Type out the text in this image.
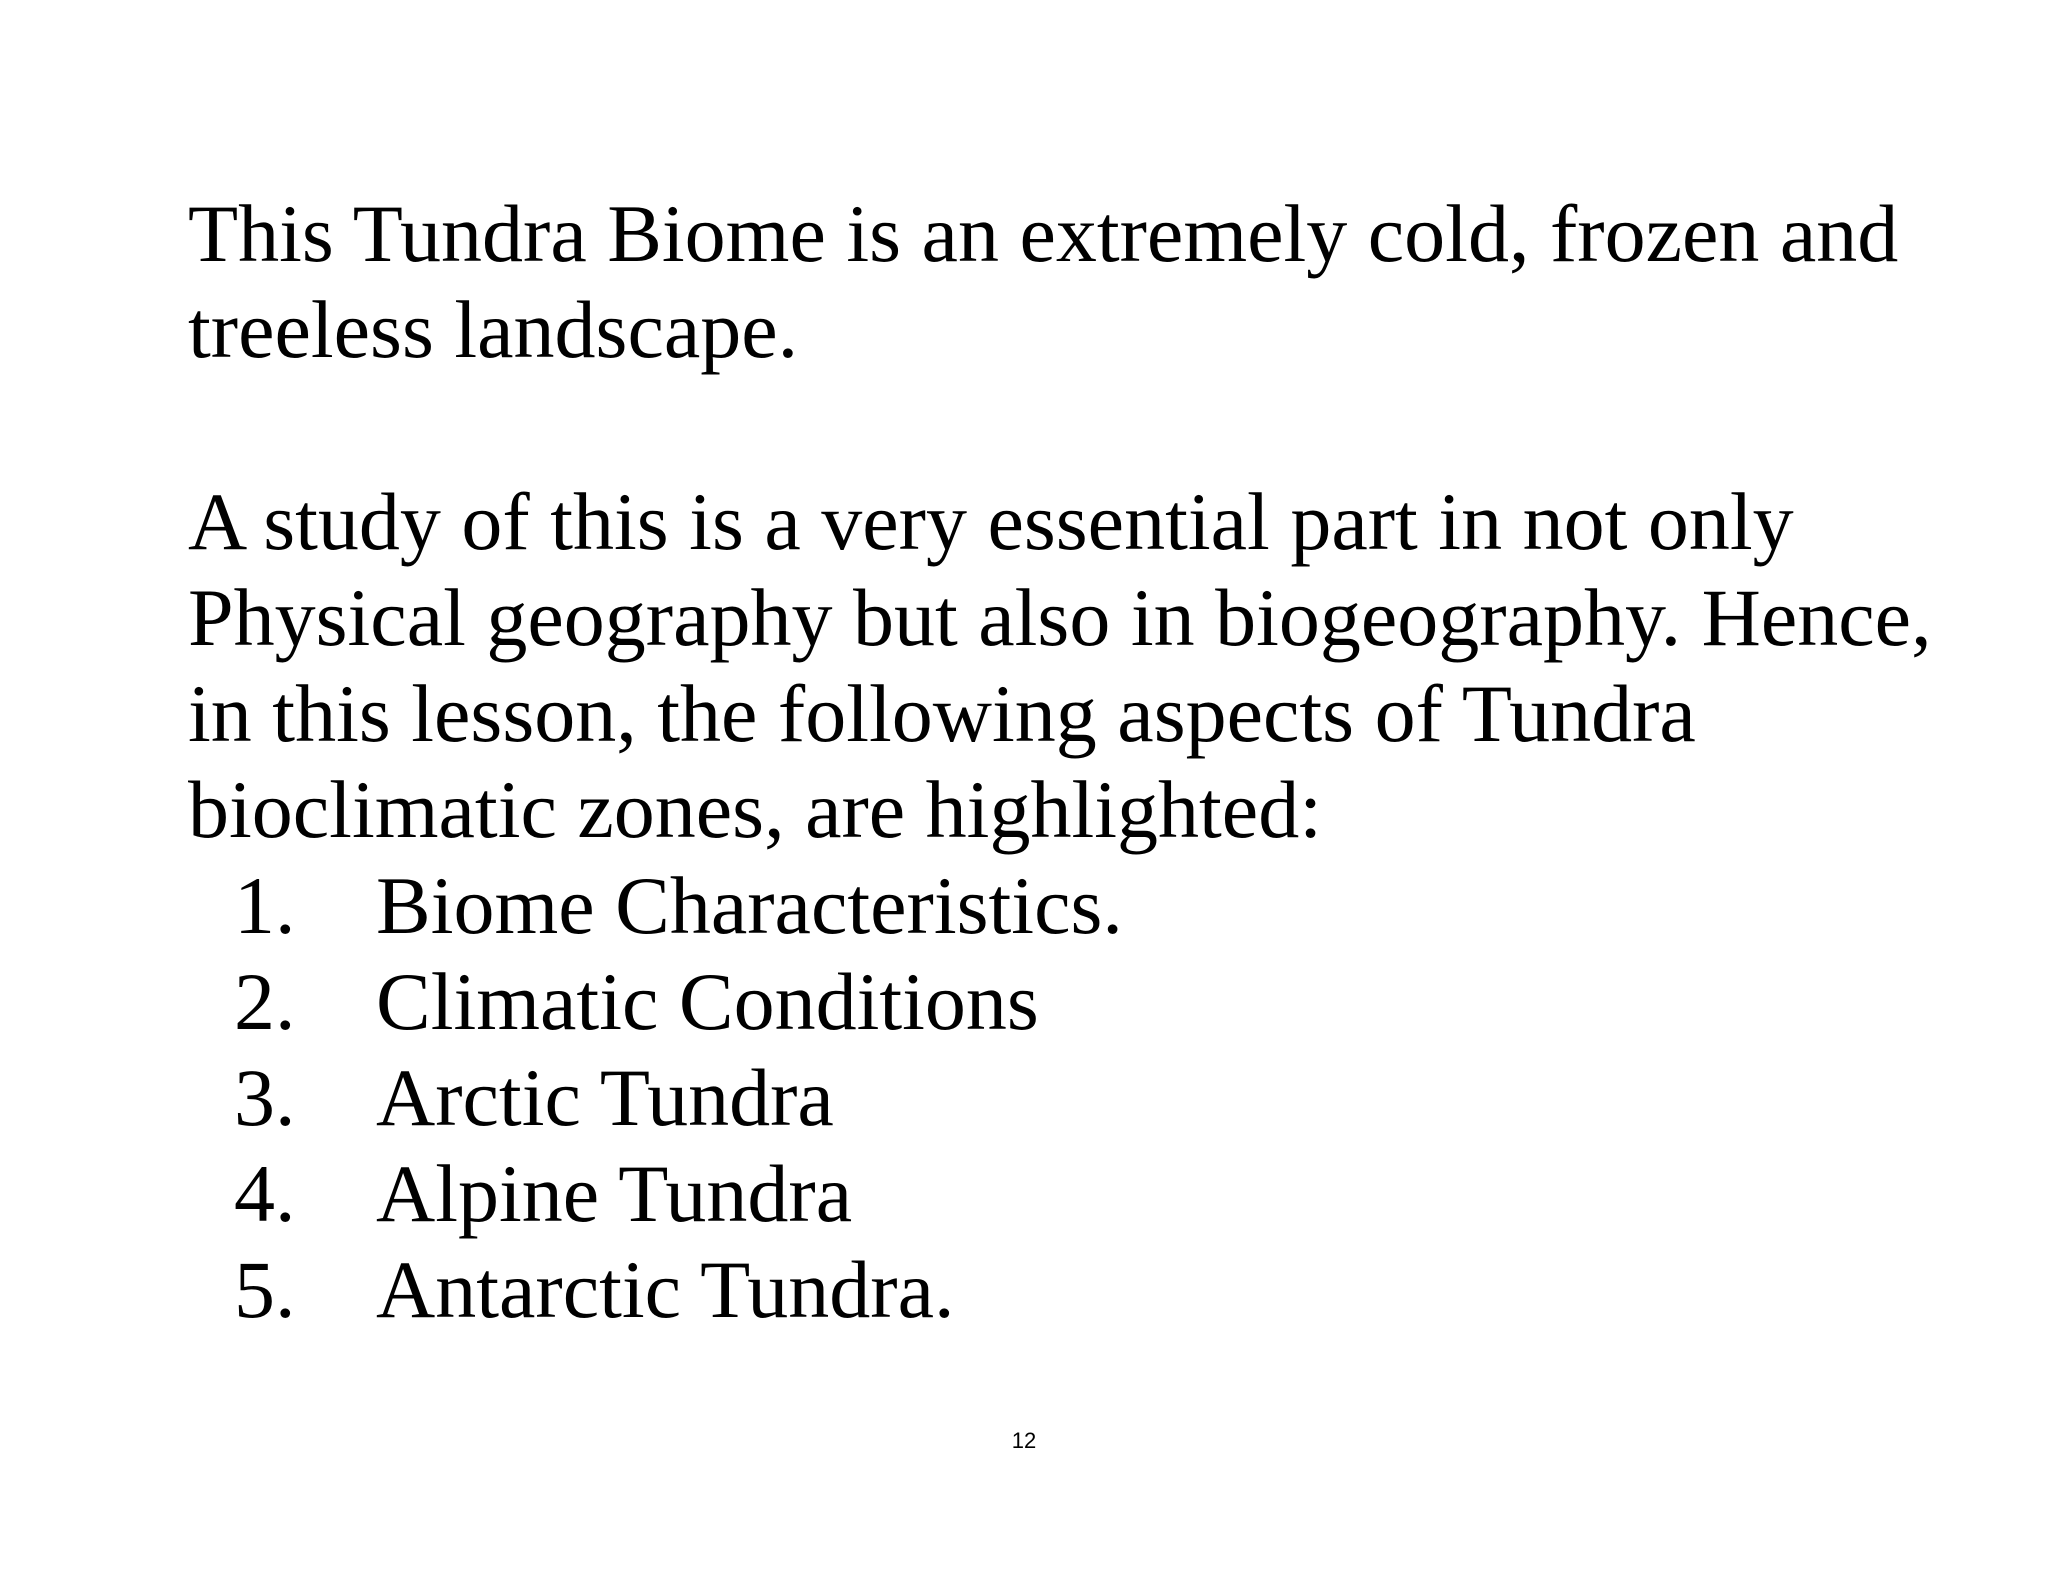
This Tundra Biome is an extremely cold, frozen and treeless landscape.

A study of this is a very essential part in not only Physical geography but also in biogeography. Hence, in this lesson, the following aspects of Tundra bioclimatic zones, are highlighted:

1. Biome Characteristics.
2. Climatic Conditions
3. Arctic Tundra
4. Alpine Tundra
5. Antarctic Tundra.
12
